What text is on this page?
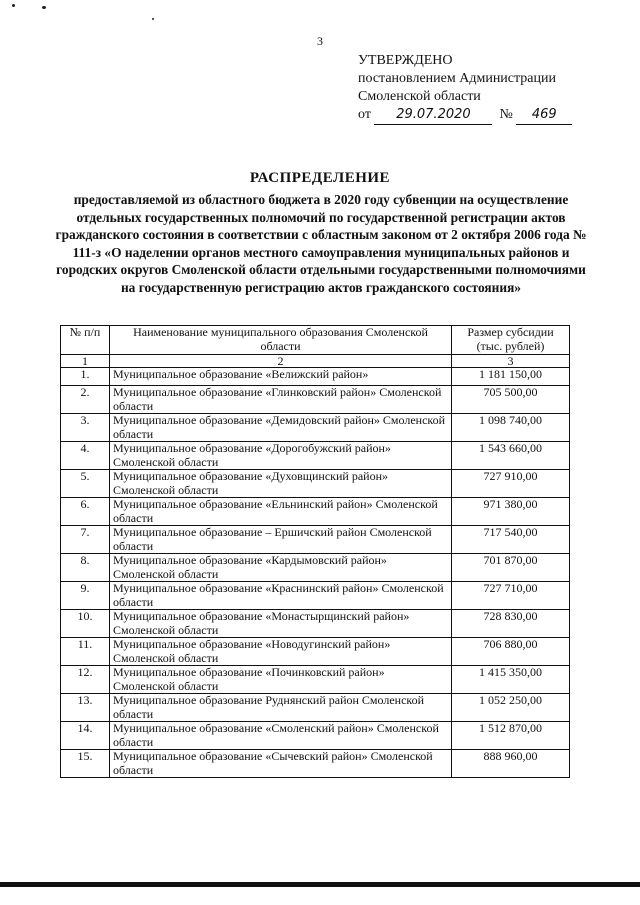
3
УТВЕРЖДЕНО
постановлением Администрации
Смоленской области
от 29.07.2020 № 469
РАСПРЕДЕЛЕНИЕ
предоставляемой из областного бюджета в 2020 году субвенции на осуществление отдельных государственных полномочий по государственной регистрации актов гражданского состояния в соответствии с областным законом от 2 октября 2006 года № 111-з «О наделении органов местного самоуправления муниципальных районов и городских округов Смоленской области отдельными государственными полномочиями на государственную регистрацию актов гражданского состояния»
№ п/п	Наименование муниципального образования Смоленской области	Размер субсидии (тыс. рублей)
1	2	3
1.	Муниципальное образование «Велижский район»	1 181 150,00
2.	Муниципальное образование «Глинковский район» Смоленской области	705 500,00
3.	Муниципальное образование «Демидовский район» Смоленской области	1 098 740,00
4.	Муниципальное образование «Дорогобужский район» Смоленской области	1 543 660,00
5.	Муниципальное образование «Духовщинский район» Смоленской области	727 910,00
6.	Муниципальное образование «Ельнинский район» Смоленской области	971 380,00
7.	Муниципальное образование – Ершичский район Смоленской области	717 540,00
8.	Муниципальное образование «Кардымовский район» Смоленской области	701 870,00
9.	Муниципальное образование «Краснинский район» Смоленской области	727 710,00
10.	Муниципальное образование «Монастырщинский район» Смоленской области	728 830,00
11.	Муниципальное образование «Новодугинский район» Смоленской области	706 880,00
12.	Муниципальное образование «Починковский район» Смоленской области	1 415 350,00
13.	Муниципальное образование Руднянский район Смоленской области	1 052 250,00
14.	Муниципальное образование «Смоленский район» Смоленской области	1 512 870,00
15.	Муниципальное образование «Сычевский район» Смоленской области	888 960,00
